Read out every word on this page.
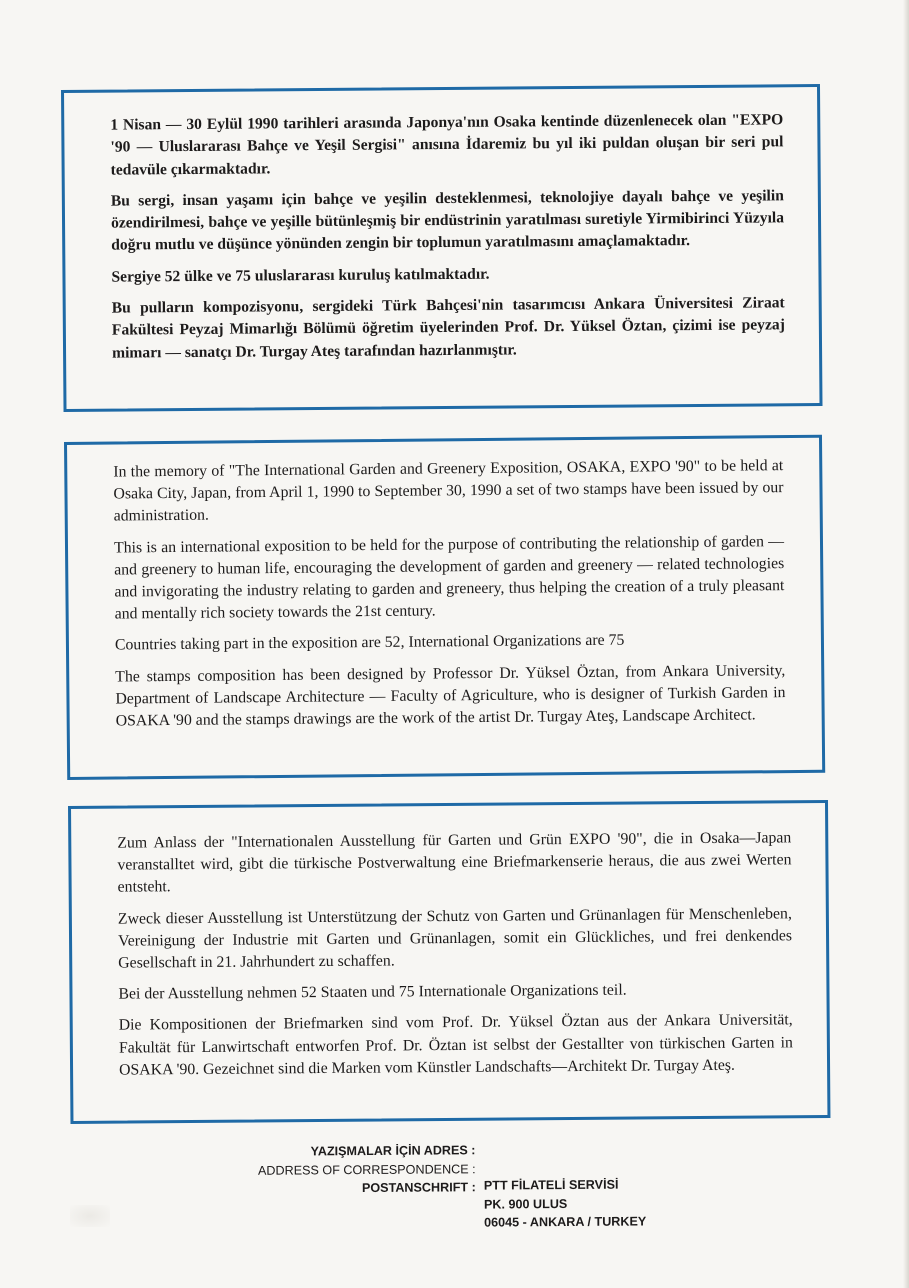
1 Nisan — 30 Eylül 1990 tarihleri arasında Japonya'nın Osaka kentinde düzenlenecek olan "EXPO '90 — Uluslararası Bahçe ve Yeşil Sergisi" anısına İdaremiz bu yıl iki puldan oluşan bir seri pul tedavüle çıkarmaktadır.

Bu sergi, insan yaşamı için bahçe ve yeşilin desteklenmesi, teknolojiye dayalı bahçe ve yeşilin özendirilmesi, bahçe ve yeşille bütünleşmiş bir endüstrinin yaratılması suretiyle Yirmibirinci Yüzyıla doğru mutlu ve düşünce yönünden zengin bir toplumun yaratılmasını amaçlamaktadır.

Sergiye 52 ülke ve 75 uluslararası kuruluş katılmaktadır.

Bu pulların kompozisyonu, sergideki Türk Bahçesi'nin tasarımcısı Ankara Üniversitesi Ziraat Fakültesi Peyzaj Mimarlığı Bölümü öğretim üyelerinden Prof. Dr. Yüksel Öztan, çizimi ise peyzaj mimarı — sanatçı Dr. Turgay Ateş tarafından hazırlanmıştır.

In the memory of "The International Garden and Greenery Exposition, OSAKA, EXPO '90" to be held at Osaka City, Japan, from April 1, 1990 to September 30, 1990 a set of two stamps have been issued by our administration.

This is an international exposition to be held for the purpose of contributing the relationship of garden — and greenery to human life, encouraging the development of garden and greenery — related technologies and invigorating the industry relating to garden and greneery, thus helping the creation of a truly pleasant and mentally rich society towards the 21st century.

Countries taking part in the exposition are 52, International Organizations are 75

The stamps composition has been designed by Professor Dr. Yüksel Öztan, from Ankara University, Department of Landscape Architecture — Faculty of Agriculture, who is designer of Turkish Garden in OSAKA '90 and the stamps drawings are the work of the artist Dr. Turgay Ateş, Landscape Architect.

Zum Anlass der "Internationalen Ausstellung für Garten und Grün EXPO '90", die in Osaka—Japan veranstalltet wird, gibt die türkische Postverwaltung eine Briefmarkenserie heraus, die aus zwei Werten entsteht.

Zweck dieser Ausstellung ist Unterstützung der Schutz von Garten und Grünanlagen für Menschenleben, Vereinigung der Industrie mit Garten und Grünanlagen, somit ein Glückliches, und frei denkendes Gesellschaft in 21. Jahrhundert zu schaffen.

Bei der Ausstellung nehmen 52 Staaten und 75 Internationale Organizations teil.

Die Kompositionen der Briefmarken sind vom Prof. Dr. Yüksel Öztan aus der Ankara Universität, Fakultät für Lanwirtschaft entworfen Prof. Dr. Öztan ist selbst der Gestallter von türkischen Garten in OSAKA '90. Gezeichnet sind die Marken vom Künstler Landschafts—Architekt Dr. Turgay Ateş.

YAZIŞMALAR İÇİN ADRES :
ADDRESS OF CORRESPONDENCE :
POSTANSCHRIFT : PTT FİLATELİ SERVİSİ
PK. 900 ULUS
06045 - ANKARA / TURKEY
